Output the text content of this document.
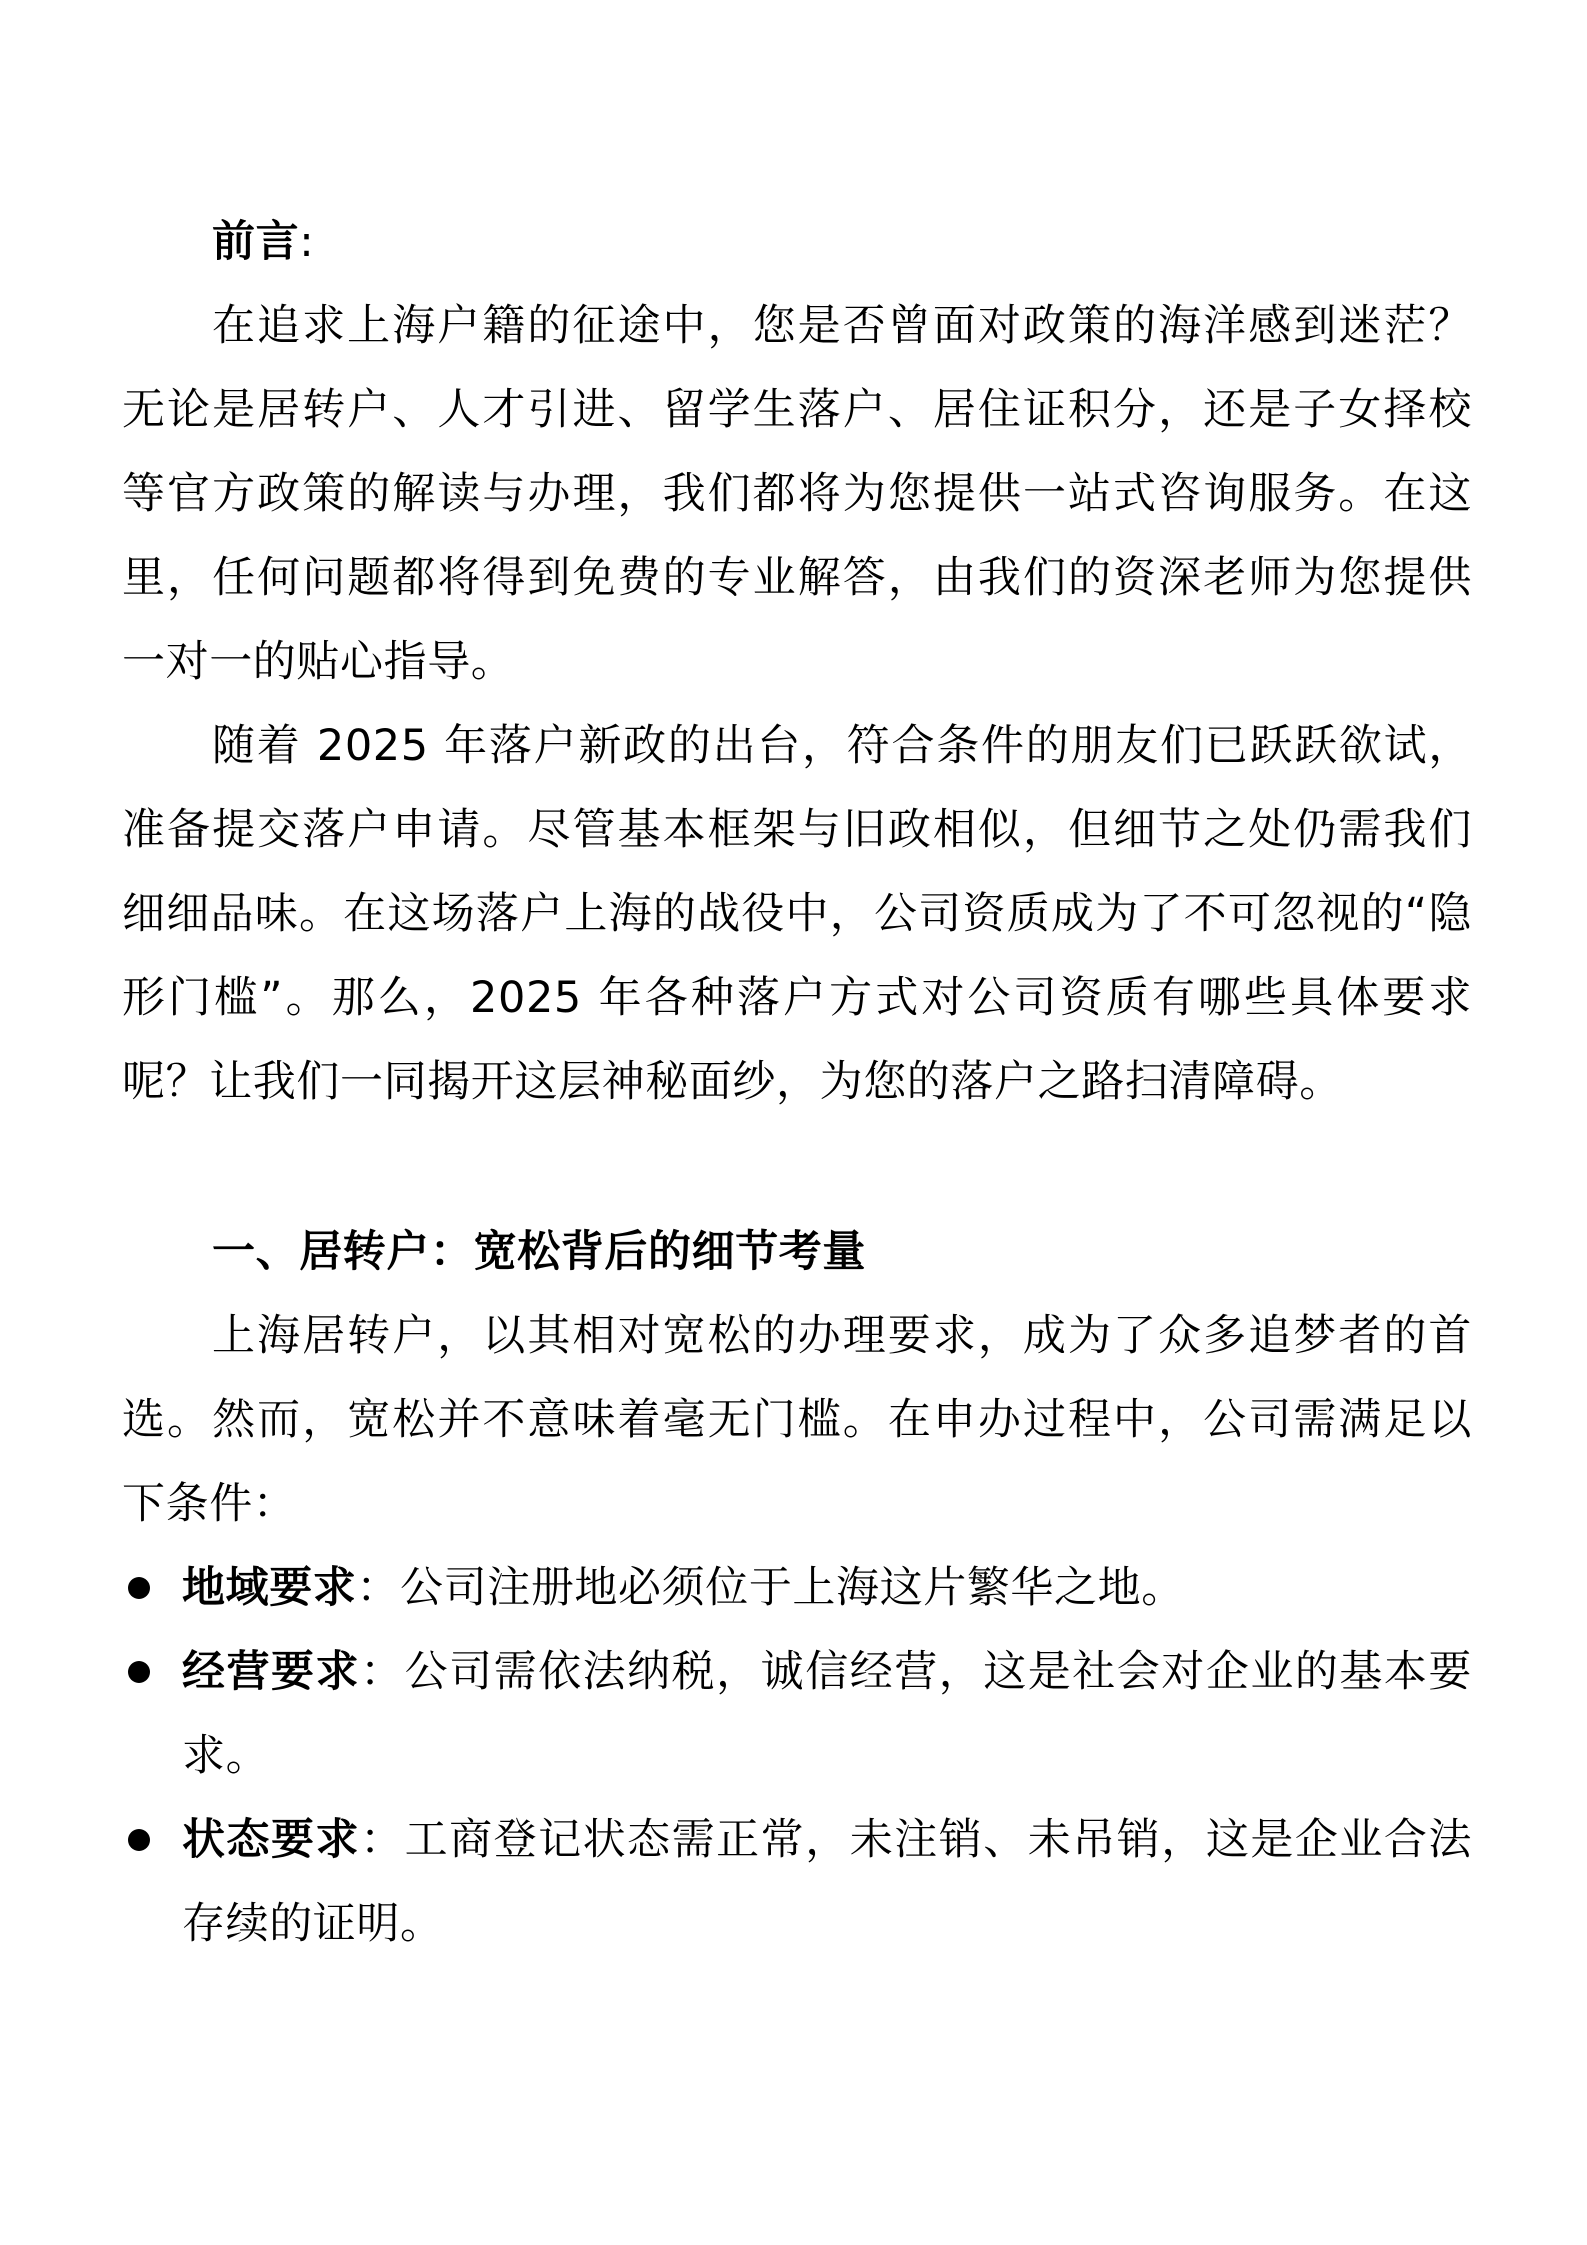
前言:

在追求上海户籍的征途中，您是否曾面对政策的海洋感到迷茫？无论是居转户、人才引进、留学生落户、居住证积分，还是子女择校等官方政策的解读与办理，我们都将为您提供一站式咨询服务。在这里，任何问题都将得到免费的专业解答，由我们的资深老师为您提供一对一的贴心指导。

随着 2025 年落户新政的出台，符合条件的朋友们已跃跃欲试，准备提交落户申请。尽管基本框架与旧政相似，但细节之处仍需我们细细品味。在这场落户上海的战役中，公司资质成为了不可忽视的“隐形门槛”。那么，2025 年各种落户方式对公司资质有哪些具体要求呢？让我们一同揭开这层神秘面纱，为您的落户之路扫清障碍。

一、居转户：宽松背后的细节考量

上海居转户，以其相对宽松的办理要求，成为了众多追梦者的首选。然而，宽松并不意味着毫无门槛。在申办过程中，公司需满足以下条件：

地域要求：公司注册地必须位于上海这片繁华之地。
经营要求：公司需依法纳税，诚信经营，这是社会对企业的基本要求。
状态要求：工商登记状态需正常，未注销、未吊销，这是企业合法存续的证明。
